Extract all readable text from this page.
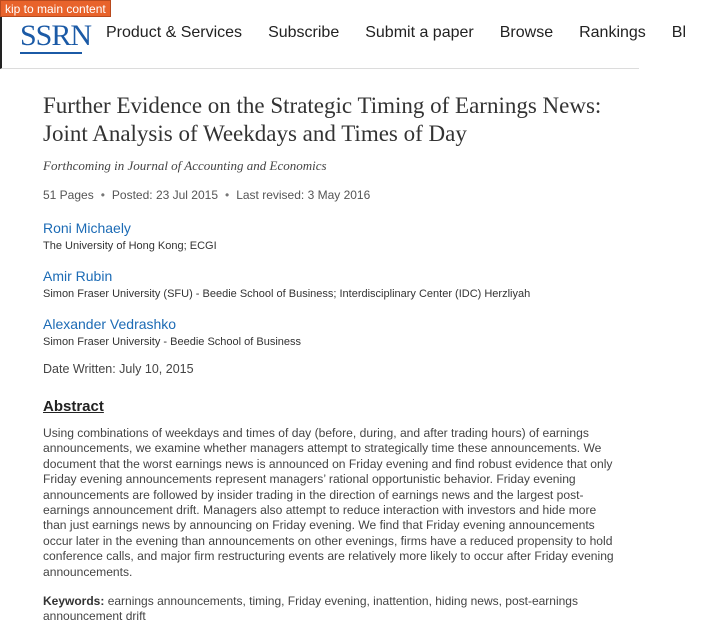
kip to main content
SSRN Product & Services Subscribe Submit a paper Browse Rankings Bl
Further Evidence on the Strategic Timing of Earnings News: Joint Analysis of Weekdays and Times of Day
Forthcoming in Journal of Accounting and Economics
51 Pages • Posted: 23 Jul 2015 • Last revised: 3 May 2016
Roni Michaely
The University of Hong Kong; ECGI
Amir Rubin
Simon Fraser University (SFU) - Beedie School of Business; Interdisciplinary Center (IDC) Herzliyah
Alexander Vedrashko
Simon Fraser University - Beedie School of Business
Date Written: July 10, 2015
Abstract

Using combinations of weekdays and times of day (before, during, and after trading hours) of earnings announcements, we examine whether managers attempt to strategically time these announcements. We document that the worst earnings news is announced on Friday evening and find robust evidence that only Friday evening announcements represent managers’ rational opportunistic behavior. Friday evening announcements are followed by insider trading in the direction of earnings news and the largest post-earnings announcement drift. Managers also attempt to reduce interaction with investors and hide more than just earnings news by announcing on Friday evening. We find that Friday evening announcements occur later in the evening than announcements on other evenings, firms have a reduced propensity to hold conference calls, and major firm restructuring events are relatively more likely to occur after Friday evening announcements.

Keywords: earnings announcements, timing, Friday evening, inattention, hiding news, post-earnings announcement drift
